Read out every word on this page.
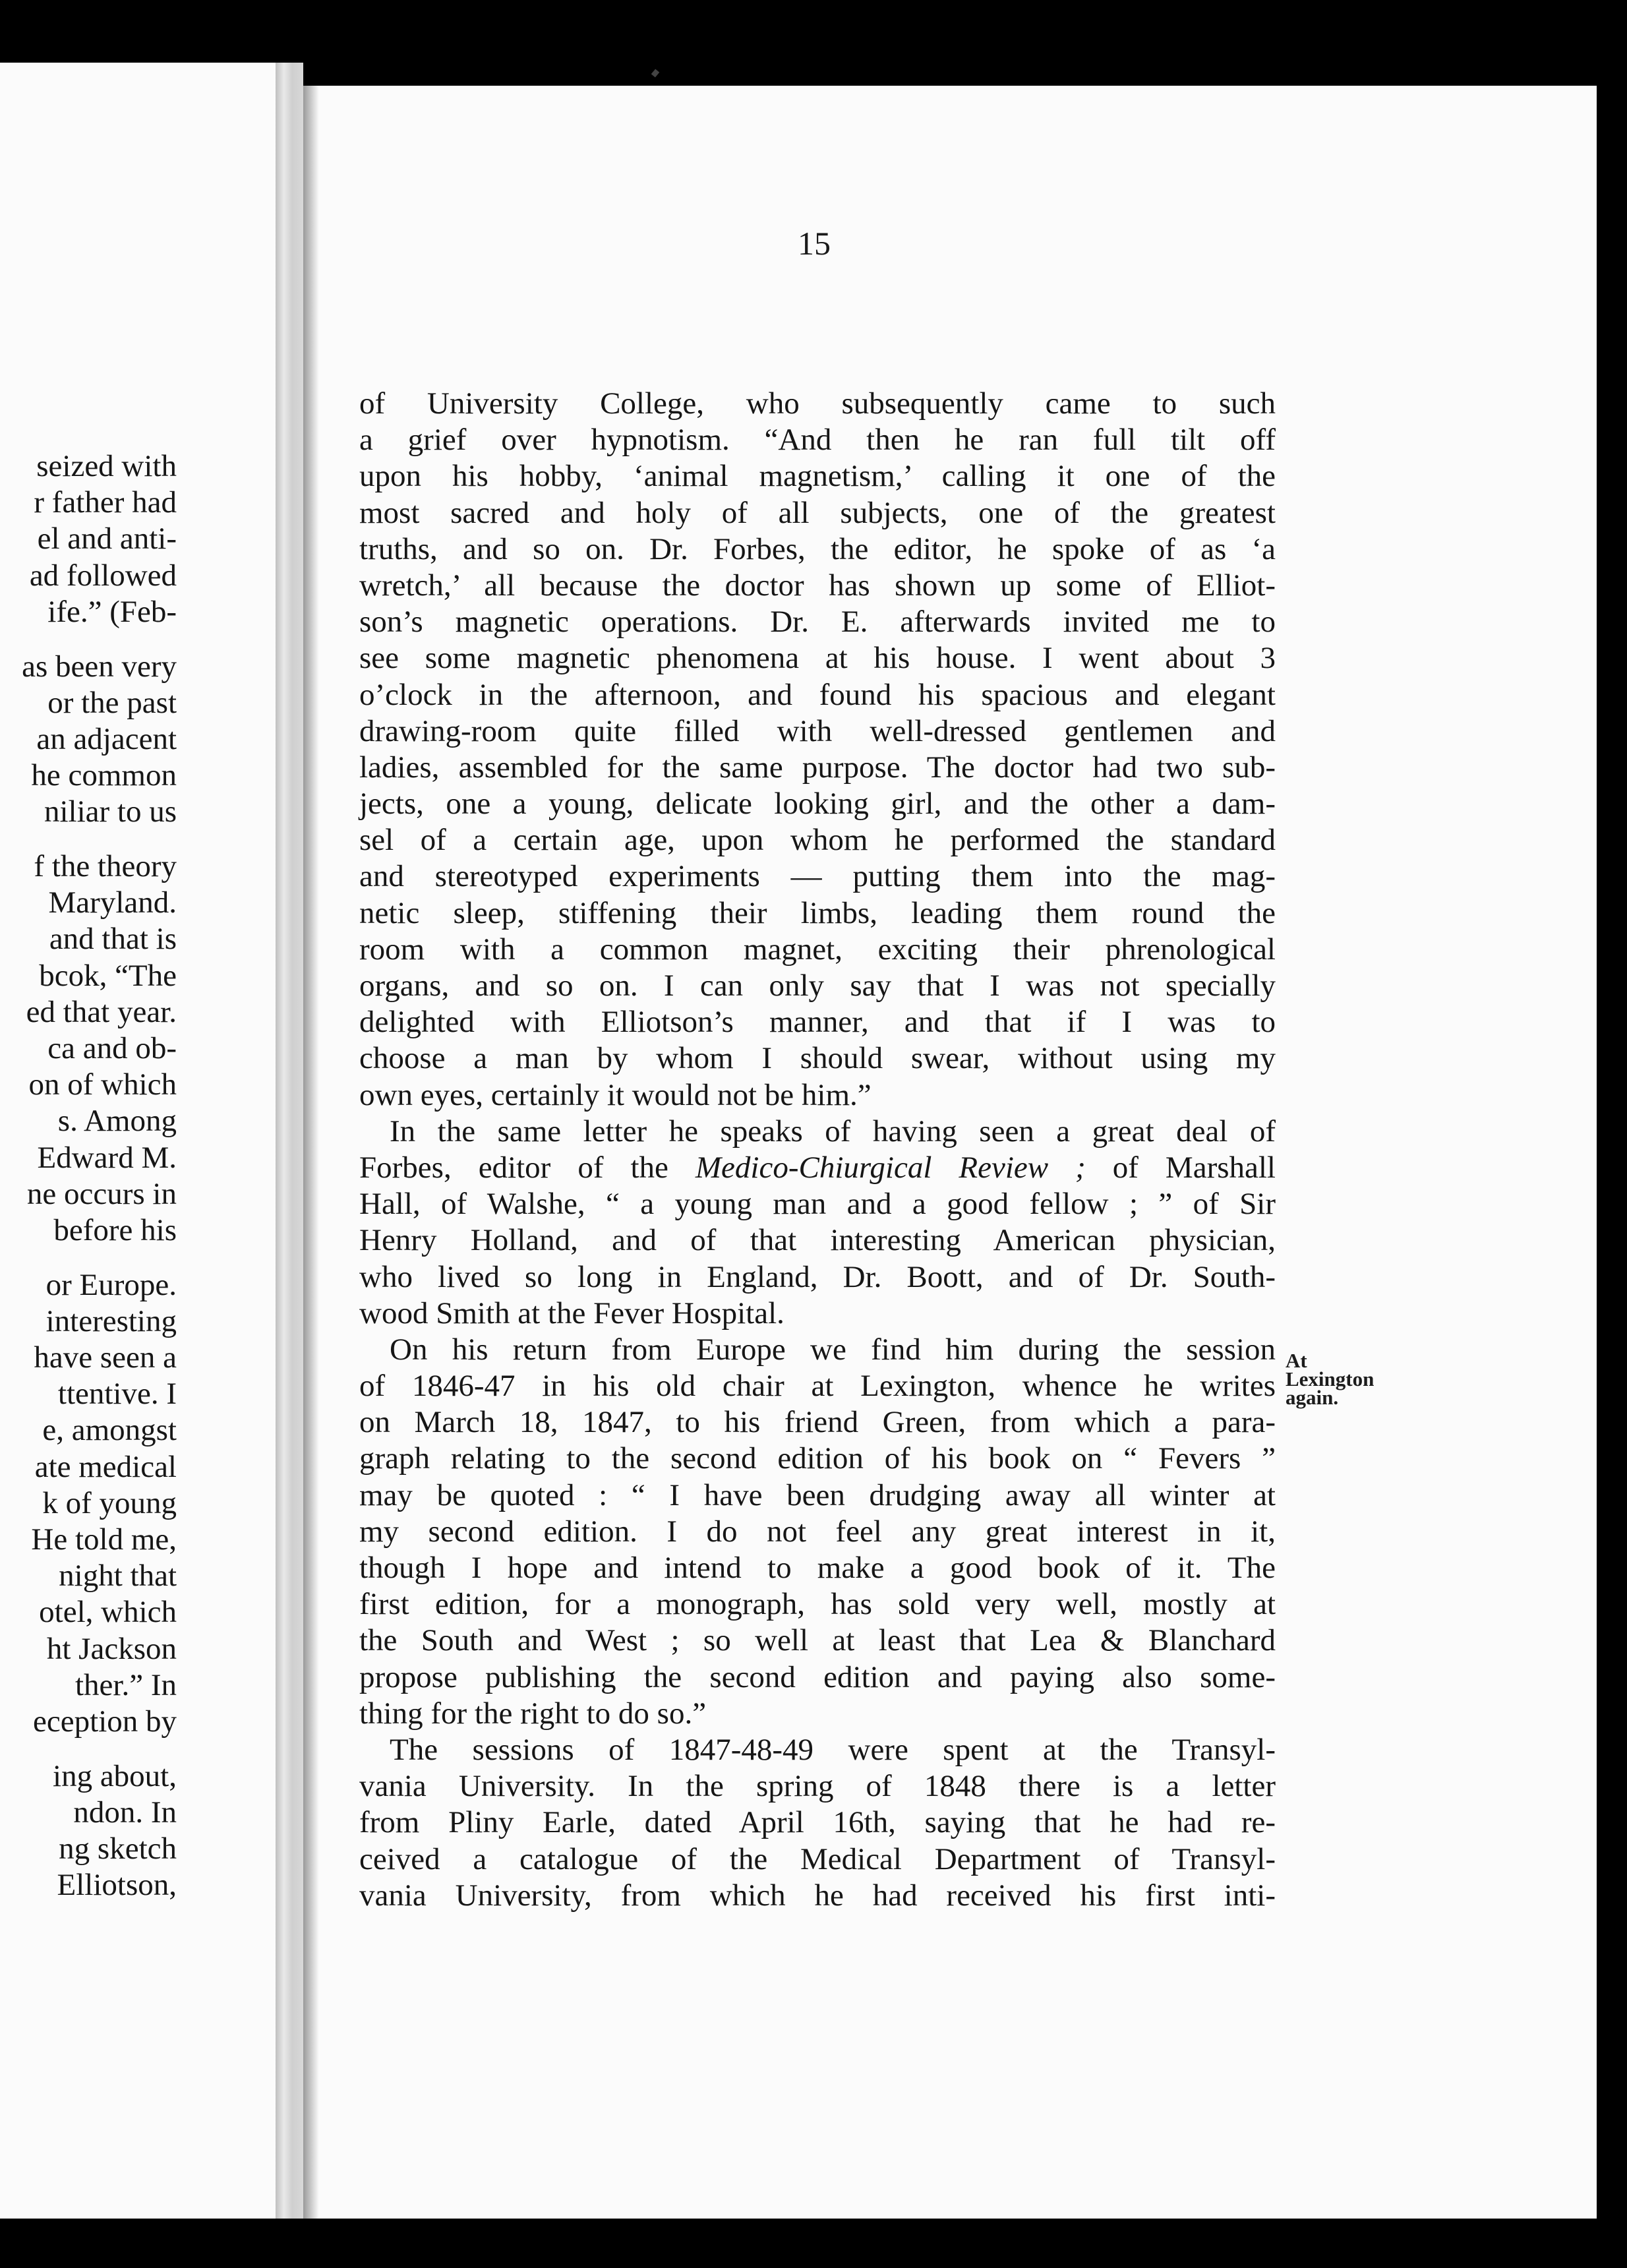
seized with
r father had
el and anti-
ad followed
ife.” (Feb-
as been very
or the past
an adjacent
he common
niliar to us
f the theory
Maryland.
and that is
bcok, “The
ed that year.
ca and ob-
on of which
s. Among
Edward M.
ne occurs in
before his
or Europe.
interesting
have seen a
ttentive. I
e, amongst
ate medical
k of young
He told me,
night that
otel, which
ht Jackson
ther.” In
eception by
ing about,
ndon. In
ng sketch
Elliotson,
15
of University College, who subsequently came to such
a grief over hypnotism. “And then he ran full tilt off
upon his hobby, ‘animal magnetism,’ calling it one of the
most sacred and holy of all subjects, one of the greatest
truths, and so on. Dr. Forbes, the editor, he spoke of as ‘a
wretch,’ all because the doctor has shown up some of Elliot-
son’s magnetic operations. Dr. E. afterwards invited me to
see some magnetic phenomena at his house. I went about 3
o’clock in the afternoon, and found his spacious and elegant
drawing-room quite filled with well-dressed gentlemen and
ladies, assembled for the same purpose. The doctor had two sub-
jects, one a young, delicate looking girl, and the other a dam-
sel of a certain age, upon whom he performed the standard
and stereotyped experiments — putting them into the mag-
netic sleep, stiffening their limbs, leading them round the
room with a common magnet, exciting their phrenological
organs, and so on. I can only say that I was not specially
delighted with Elliotson’s manner, and that if I was to
choose a man by whom I should swear, without using my
own eyes, certainly it would not be him.”
In the same letter he speaks of having seen a great deal of
Forbes, editor of the Medico-Chiurgical Review ; of Marshall
Hall, of Walshe, “ a young man and a good fellow ; ” of Sir
Henry Holland, and of that interesting American physician,
who lived so long in England, Dr. Boott, and of Dr. South-
wood Smith at the Fever Hospital.
On his return from Europe we find him during the session
of 1846-47 in his old chair at Lexington, whence he writes
on March 18, 1847, to his friend Green, from which a para-
graph relating to the second edition of his book on “ Fevers ”
may be quoted : “ I have been drudging away all winter at
my second edition. I do not feel any great interest in it,
though I hope and intend to make a good book of it. The
first edition, for a monograph, has sold very well, mostly at
the South and West ; so well at least that Lea & Blanchard
propose publishing the second edition and paying also some-
thing for the right to do so.”
The sessions of 1847-48-49 were spent at the Transyl-
vania University. In the spring of 1848 there is a letter
from Pliny Earle, dated April 16th, saying that he had re-
ceived a catalogue of the Medical Department of Transyl-
vania University, from which he had received his first inti-
At
Lexington
again.
